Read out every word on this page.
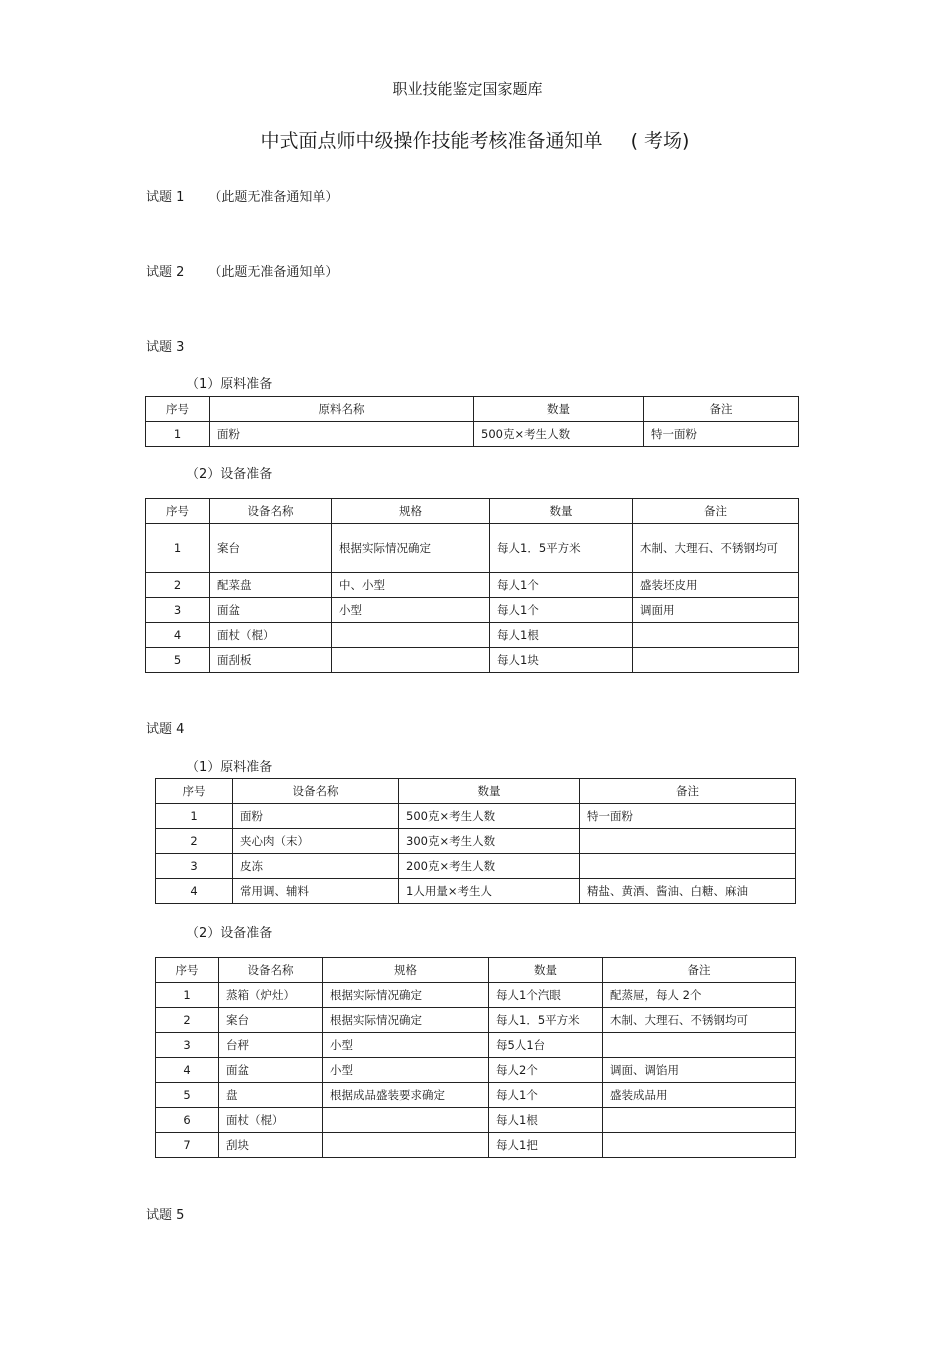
职业技能鉴定国家题库
中式面点师中级操作技能考核准备通知单 ( 考场)
试题 1 （此题无准备通知单）
试题 2 （此题无准备通知单）
试题 3
（1）原料准备
序号	原料名称	数量	备注
1	面粉	500克×考生人数	特一面粉
（2）设备准备
序号	设备名称	规格	数量	备注
1	案台	根据实际情况确定	每人1．5平方米	木制、大理石、不锈钢均可
2	配菜盘	中、小型	每人1个	盛装坯皮用
3	面盆	小型	每人1个	调面用
4	面杖（棍）		每人1根	
5	面刮板		每人1块	
试题 4
（1）原料准备
序号	设备名称	数量	备注
1	面粉	500克×考生人数	特一面粉
2	夹心肉（末）	300克×考生人数	
3	皮冻	200克×考生人数	
4	常用调、辅料	1人用量×考生人	精盐、黄酒、酱油、白糖、麻油
（2）设备准备
序号	设备名称	规格	数量	备注
1	蒸箱（炉灶）	根据实际情况确定	每人1个汽眼	配蒸屉，每人 2个
2	案台	根据实际情况确定	每人1．5平方米	木制、大理石、不锈钢均可
3	台秤	小型	每5人1台	
4	面盆	小型	每人2个	调面、调馅用
5	盘	根据成品盛装要求确定	每人1个	盛装成品用
6	面杖（棍）		每人1根	
7	刮块		每人1把	
试题 5
